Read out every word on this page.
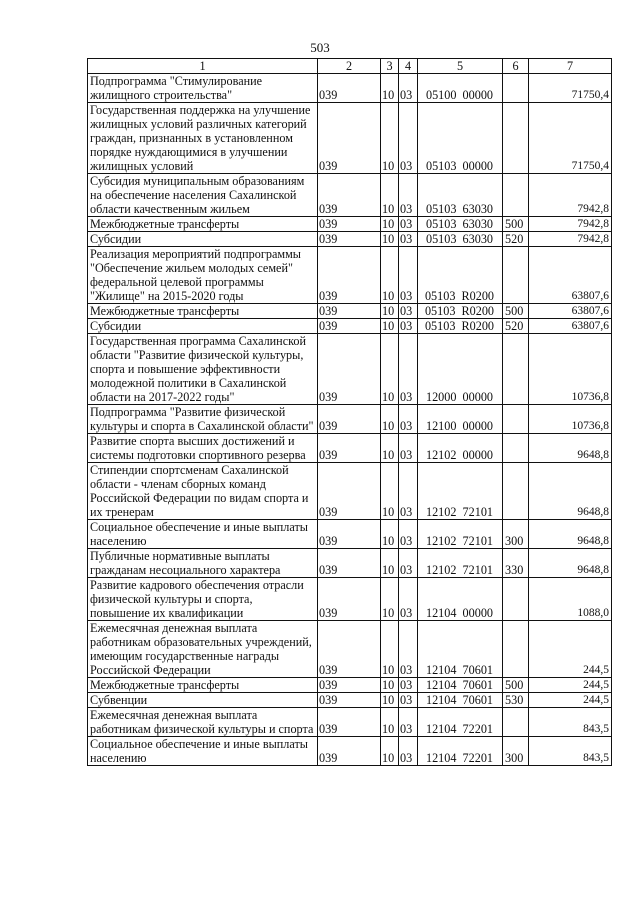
503
1	2	3	4	5	6	7
Подпрограмма "Стимулирование жилищного строительства"	039	10	03	05100  00000		71750,4
Государственная поддержка на улучшение жилищных условий различных категорий граждан, признанных в установленном порядке нуждающимися в улучшении жилищных условий	039	10	03	05103  00000		71750,4
Субсидия муниципальным образованиям на обеспечение населения Сахалинской области качественным жильем	039	10	03	05103  63030		7942,8
Межбюджетные трансферты	039	10	03	05103  63030	500	7942,8
Субсидии	039	10	03	05103  63030	520	7942,8
Реализация мероприятий подпрограммы "Обеспечение жильем молодых семей" федеральной целевой программы "Жилище" на 2015-2020 годы	039	10	03	05103  R0200		63807,6
Межбюджетные трансферты	039	10	03	05103  R0200	500	63807,6
Субсидии	039	10	03	05103  R0200	520	63807,6
Государственная программа Сахалинской области "Развитие физической культуры, спорта и повышение эффективности молодежной политики в Сахалинской области на 2017-2022 годы"	039	10	03	12000  00000		10736,8
Подпрограмма "Развитие физической культуры и спорта в Сахалинской области"	039	10	03	12100  00000		10736,8
Развитие спорта высших достижений и системы подготовки спортивного резерва	039	10	03	12102  00000		9648,8
Стипендии спортсменам Сахалинской области - членам сборных команд Российской Федерации по видам спорта и их тренерам	039	10	03	12102  72101		9648,8
Социальное обеспечение и иные выплаты населению	039	10	03	12102  72101	300	9648,8
Публичные нормативные выплаты гражданам несоциального характера	039	10	03	12102  72101	330	9648,8
Развитие кадрового обеспечения отрасли физической культуры и спорта, повышение их квалификации	039	10	03	12104  00000		1088,0
Ежемесячная денежная выплата работникам образовательных учреждений, имеющим государственные награды Российской Федерации	039	10	03	12104  70601		244,5
Межбюджетные трансферты	039	10	03	12104  70601	500	244,5
Субвенции	039	10	03	12104  70601	530	244,5
Ежемесячная денежная выплата работникам физической культуры и спорта	039	10	03	12104  72201		843,5
Социальное обеспечение и иные выплаты населению	039	10	03	12104  72201	300	843,5
